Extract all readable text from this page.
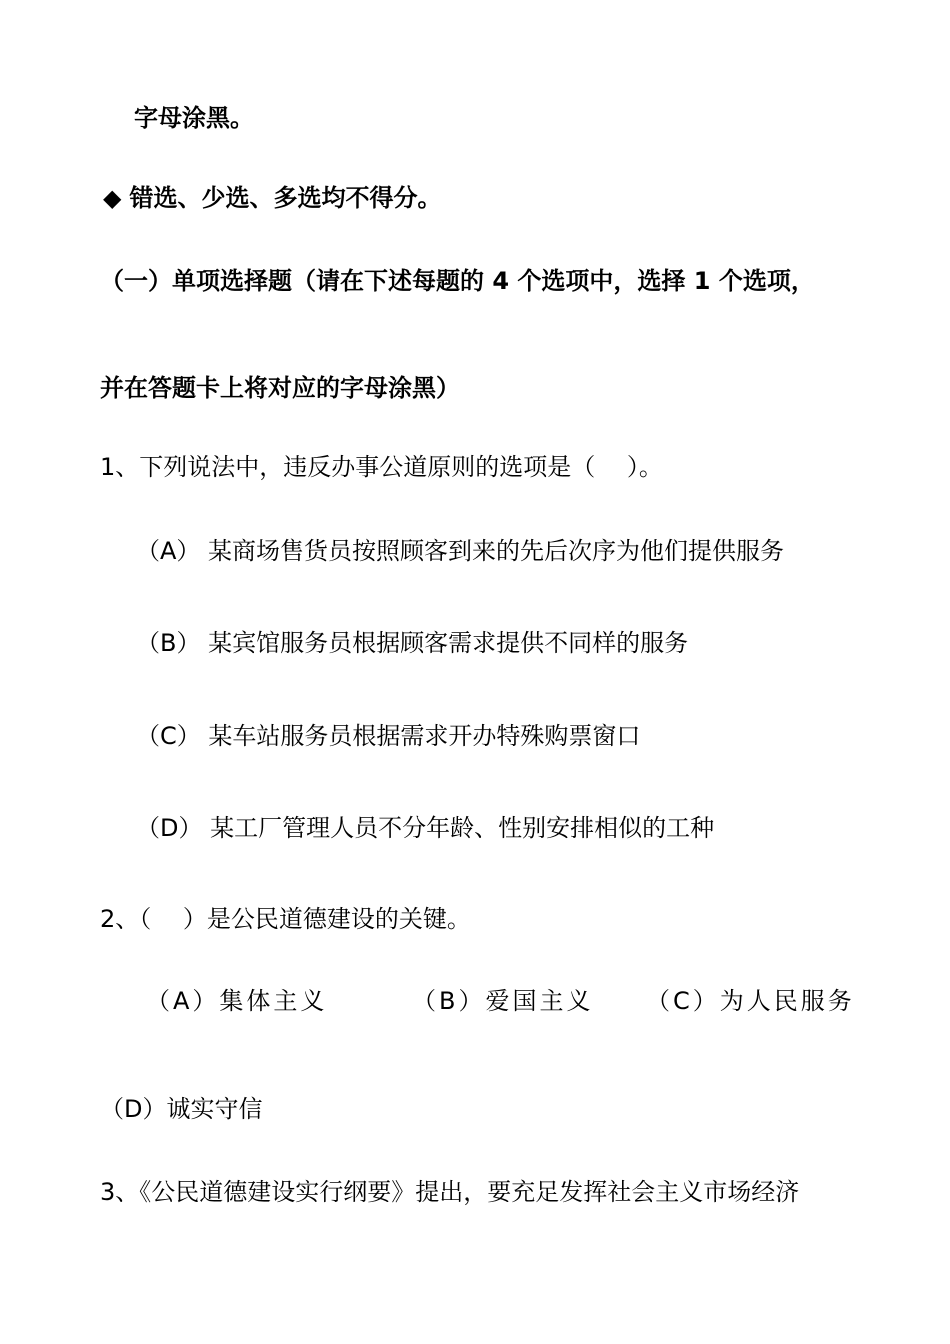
字母涂黑。
◆ 错选、少选、多选均不得分。
（一）单项选择题（请在下述每题的 4 个选项中，选择 1 个选项，
并在答题卡上将对应的字母涂黑）
1、下列说法中，违反办事公道原则的选项是（　 ）。
（A） 某商场售货员按照顾客到来的先后次序为他们提供服务
（B） 某宾馆服务员根据顾客需求提供不同样的服务
（C） 某车站服务员根据需求开办特殊购票窗口
（D） 某工厂管理人员不分年龄、性别安排相似的工种
2、（　 ）是公民道德建设的关键。
（A）集体主义	（B）爱国主义 （C）为人民服务
（D）诚实守信
3、《公民道德建设实行纲要》提出，要充足发挥社会主义市场经济
